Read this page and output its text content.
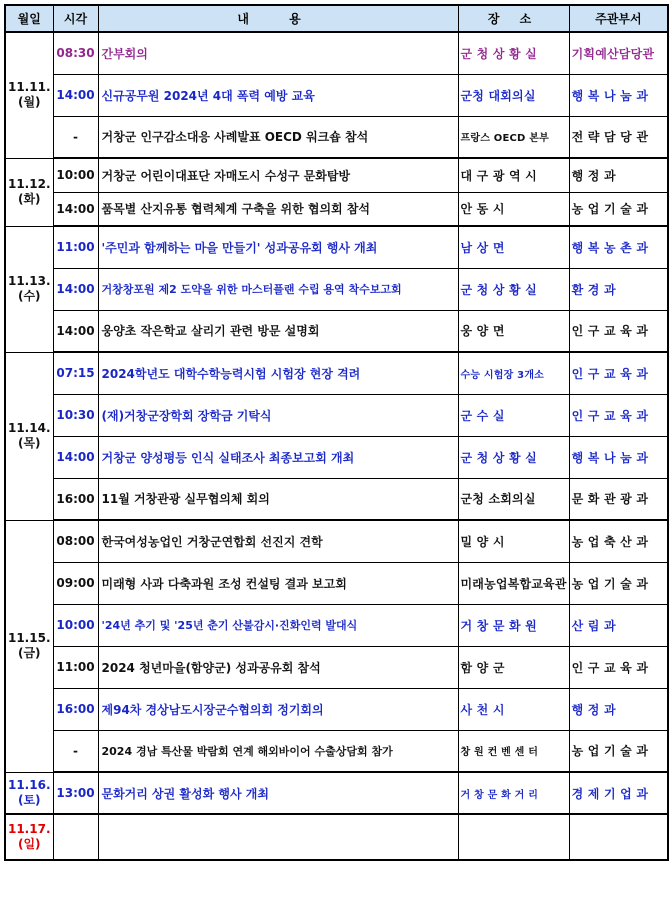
월일	시각	내 용	장 소	주관부서

11.11.
(월)	08:30	간부회의	군 청 상 황 실	기획예산담당관
	14:00	신규공무원 2024년 4대 폭력 예방 교육	군청 대회의실	행 복 나 눔 과
	-	거창군 인구감소대응 사례발표 OECD 워크숍 참석	프랑스 OECD 본부	전 략 담 당 관

11.12.
(화)	10:00	거창군 어린이대표단 자매도시 수성구 문화탐방	대 구 광 역 시	행 정 과
	14:00	품목별 산지유통 협력체계 구축을 위한 협의회 참석	안 동 시	농 업 기 술 과

11.13.
(수)	11:00	'주민과 함께하는 마을 만들기' 성과공유회 행사 개최	남 상 면	행 복 농 촌 과
	14:00	거창창포원 제2 도약을 위한 마스터플랜 수립 용역 착수보고회	군 청 상 황 실	환 경 과
	14:00	웅양초 작은학교 살리기 관련 방문 설명회	웅 양 면	인 구 교 육 과

11.14.
(목)	07:15	2024학년도 대학수학능력시험 시험장 현장 격려	수능 시험장 3개소	인 구 교 육 과
	10:30	(재)거창군장학회 장학금 기탁식	군 수 실	인 구 교 육 과
	14:00	거창군 양성평등 인식 실태조사 최종보고회 개최	군 청 상 황 실	행 복 나 눔 과
	16:00	11월 거창관광 실무협의체 회의	군청 소회의실	문 화 관 광 과

11.15.
(금)	08:00	한국여성농업인 거창군연합회 선진지 견학	밀 양 시	농 업 축 산 과
	09:00	미래형 사과 다축과원 조성 컨설팅 결과 보고회	미래농업복합교육관	농 업 기 술 과
	10:00	'24년 추기 및 '25년 춘기 산불감시·진화인력 발대식	거 창 문 화 원	산 림 과
	11:00	2024 청년마을(함양군) 성과공유회 참석	함 양 군	인 구 교 육 과
	16:00	제94차 경상남도시장군수협의회 정기회의	사 천 시	행 정 과
	-	2024 경남 특산물 박람회 연계 해외바이어 수출상담회 참가	창 원 컨 벤 센 터	농 업 기 술 과

11.16.
(토)	13:00	문화거리 상권 활성화 행사 개최	거 창 문 화 거 리	경 제 기 업 과

11.17.
(일)				
